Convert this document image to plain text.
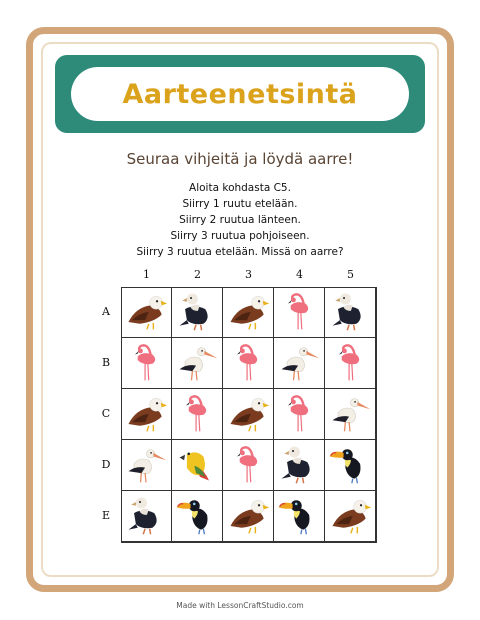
Aarteenetsintä
Seuraa vihjeitä ja löydä aarre!
Aloita kohdasta C5.
Siirry 1 ruutu etelään.
Siirry 2 ruutua länteen.
Siirry 3 ruutua pohjoiseen.
Siirry 3 ruutua etelään. Missä on aarre?
1	2	3	4	5
A
B
C
D
E
Made with LessonCraftStudio.com
